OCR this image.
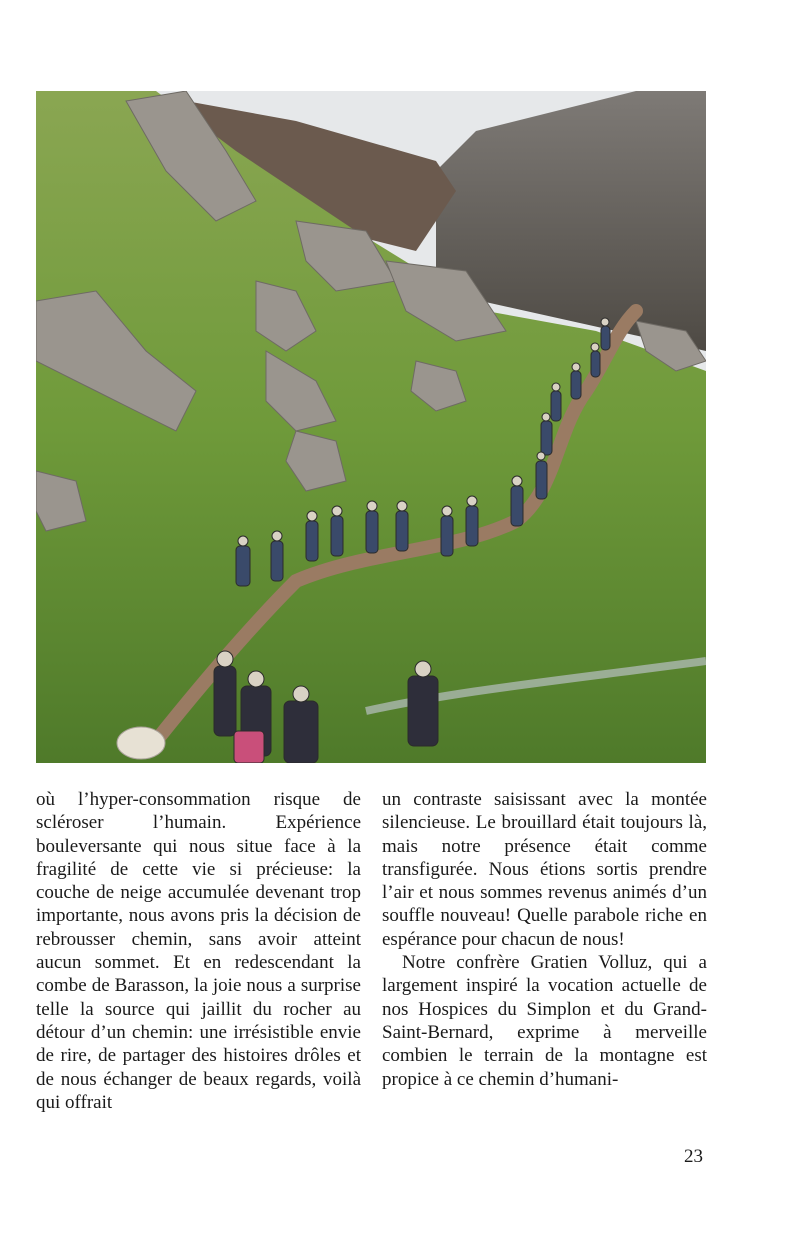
où l’hyper-consommation risque de scléroser l’humain. Expérience bouleversante qui nous situe face à la fragilité de cette vie si précieuse: la couche de neige accumulée devenant trop importante, nous avons pris la décision de rebrousser chemin, sans avoir atteint aucun sommet. Et en redescendant la combe de Barasson, la joie nous a surprise telle la source qui jaillit du rocher au détour d’un chemin: une irrésistible envie de rire, de partager des histoires drôles et de nous échanger de beaux regards, voilà qui offrait

un contraste saisissant avec la montée silencieuse. Le brouillard était toujours là, mais notre présence était comme transfigurée. Nous étions sortis prendre l’air et nous sommes revenus animés d’un souffle nouveau! Quelle parabole riche en espérance pour chacun de nous!

Notre confrère Gratien Volluz, qui a largement inspiré la vocation actuelle de nos Hospices du Simplon et du Grand-Saint-Bernard, exprime à merveille combien le terrain de la montagne est propice à ce chemin d’humani-

23
